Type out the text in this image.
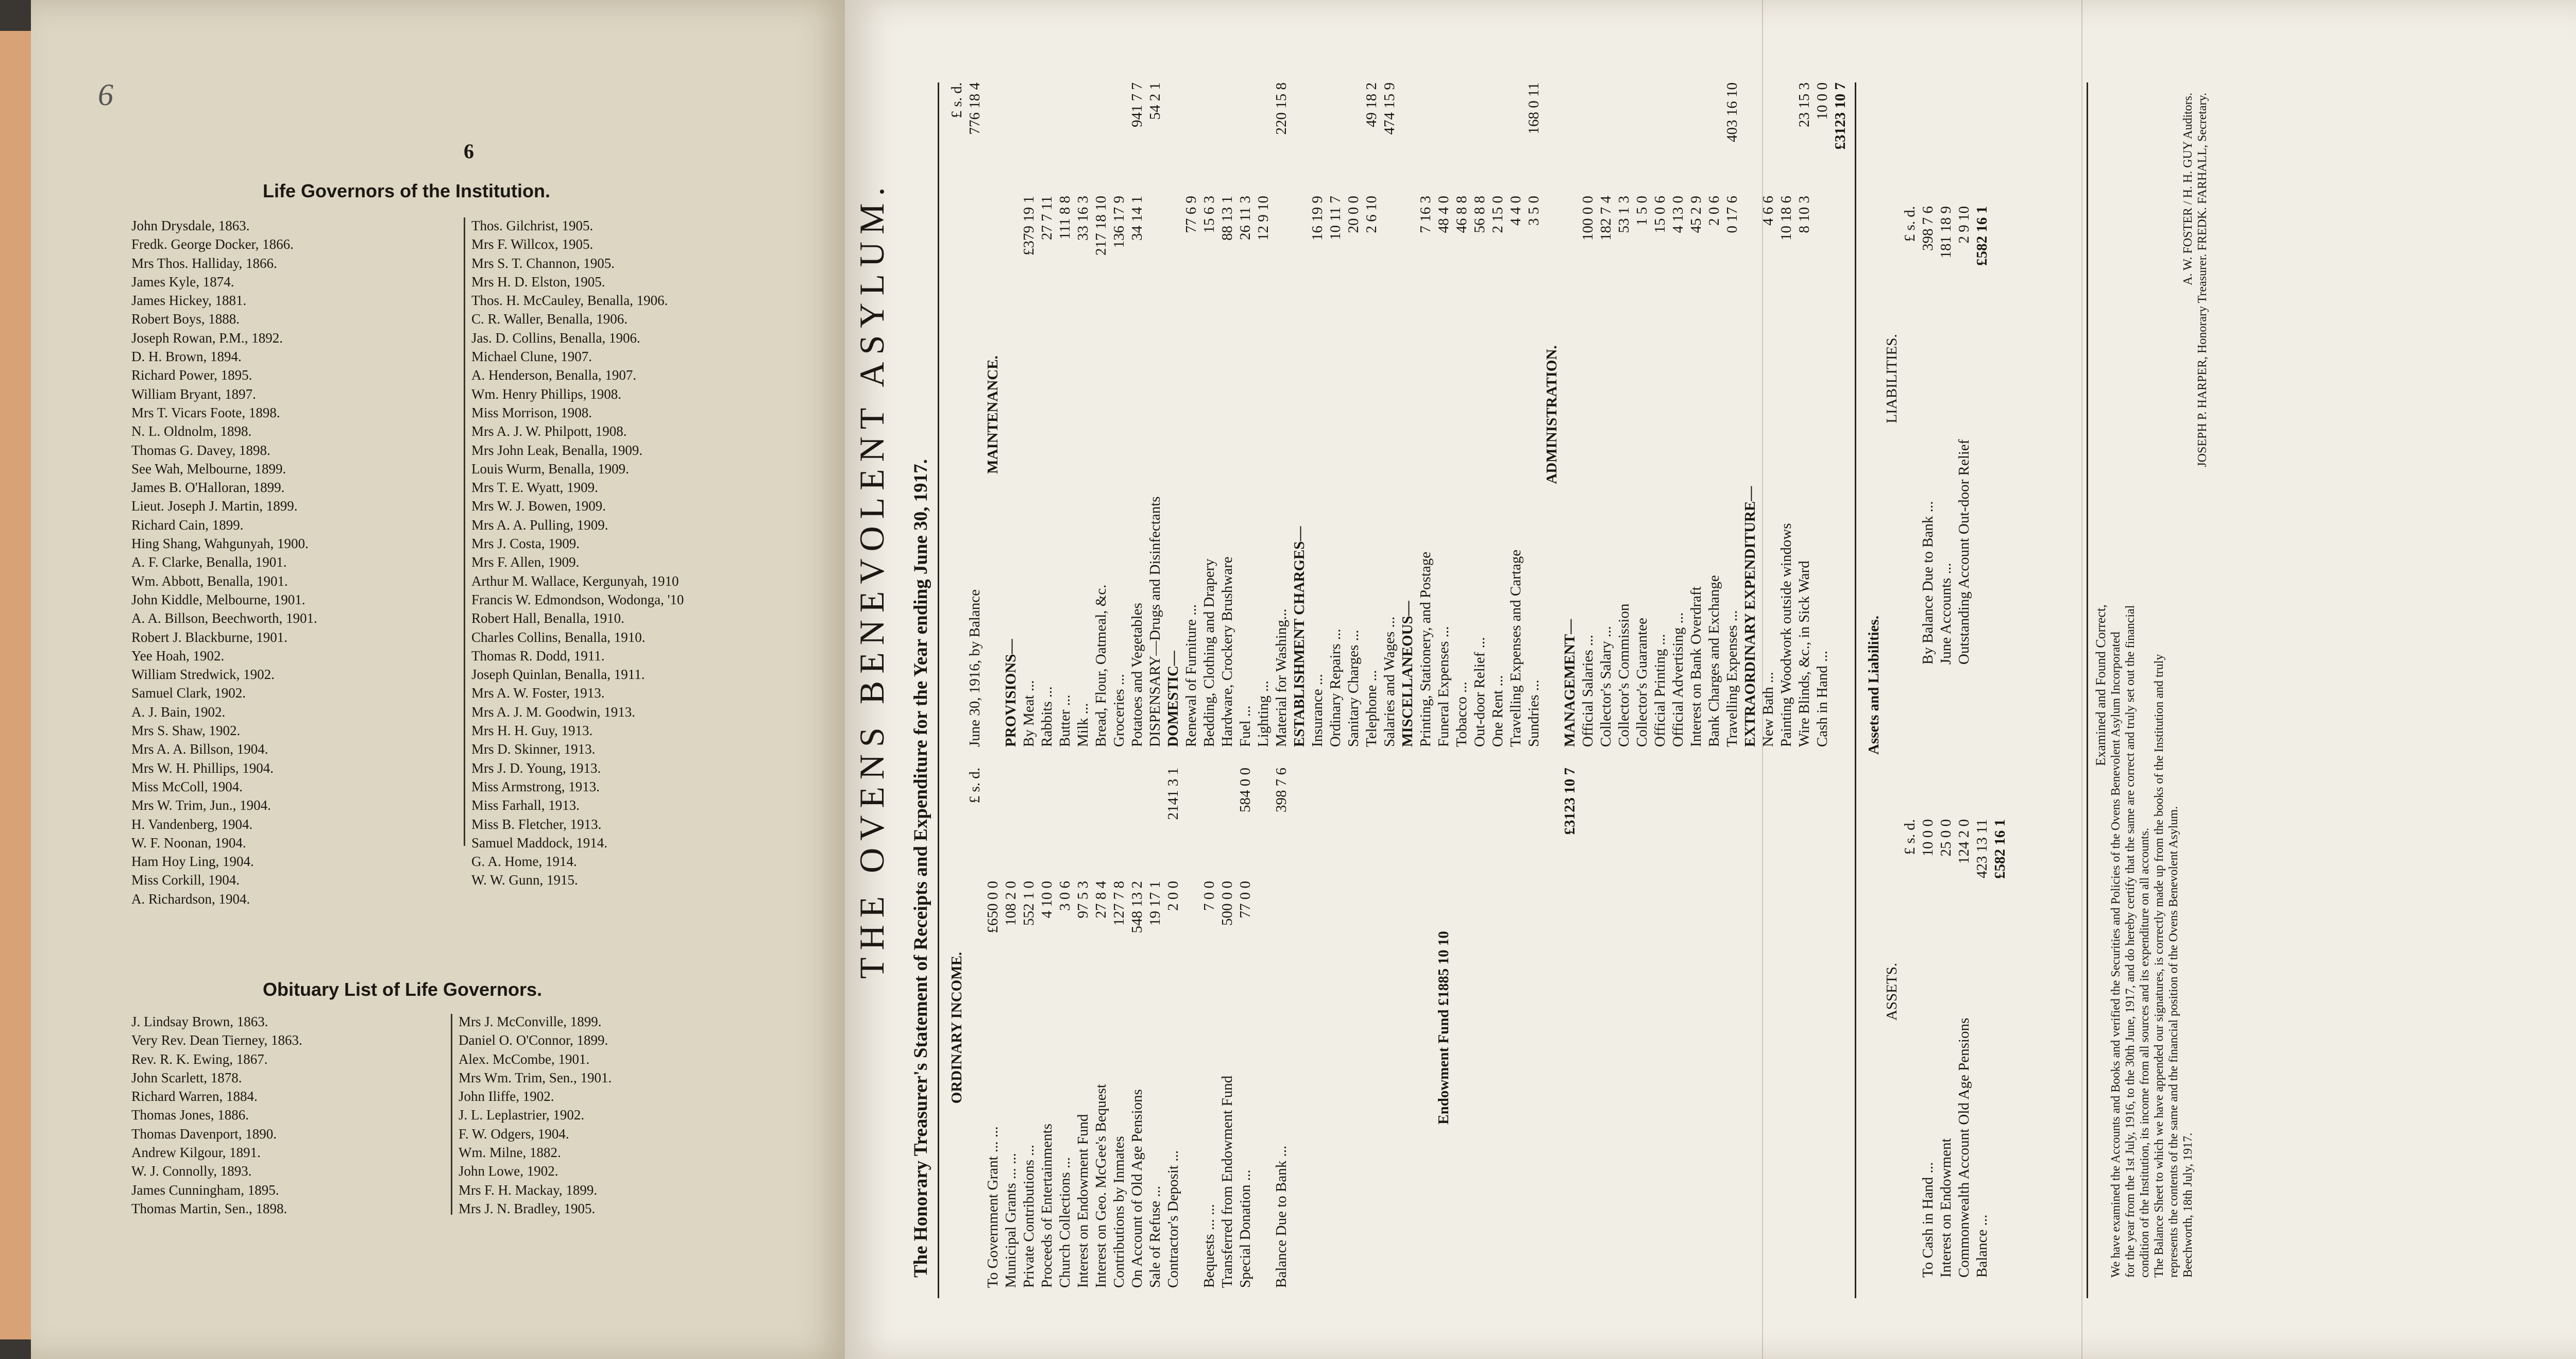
6
6
Life Governors of the Institution.
John Drysdale, 1863.
Fredk. George Docker, 1866.
Mrs Thos. Halliday, 1866.
James Kyle, 1874.
James Hickey, 1881.
Robert Boys, 1888.
Joseph Rowan, P.M., 1892.
D. H. Brown, 1894.
Richard Power, 1895.
William Bryant, 1897.
Mrs T. Vicars Foote, 1898.
N. L. Oldnolm, 1898.
Thomas G. Davey, 1898.
See Wah, Melbourne, 1899.
James B. O'Halloran, 1899.
Lieut. Joseph J. Martin, 1899.
Richard Cain, 1899.
Hing Shang, Wahgunyah, 1900.
A. F. Clarke, Benalla, 1901.
Wm. Abbott, Benalla, 1901.
John Kiddle, Melbourne, 1901.
A. A. Billson, Beechworth, 1901.
Robert J. Blackburne, 1901.
Yee Hoah, 1902.
William Stredwick, 1902.
Samuel Clark, 1902.
A. J. Bain, 1902.
Mrs S. Shaw, 1902.
Mrs A. A. Billson, 1904.
Mrs W. H. Phillips, 1904.
Miss McColl, 1904.
Mrs W. Trim, Jun., 1904.
H. Vandenberg, 1904.
W. F. Noonan, 1904.
Ham Hoy Ling, 1904.
Miss Corkill, 1904.
A. Richardson, 1904.
Thos. Gilchrist, 1905.
Mrs F. Willcox, 1905.
Mrs S. T. Channon, 1905.
Mrs H. D. Elston, 1905.
Thos. H. McCauley, Benalla, 1906.
C. R. Waller, Benalla, 1906.
Jas. D. Collins, Benalla, 1906.
Michael Clune, 1907.
A. Henderson, Benalla, 1907.
Wm. Henry Phillips, 1908.
Miss Morrison, 1908.
Mrs A. J. W. Philpott, 1908.
Mrs John Leak, Benalla, 1909.
Louis Wurm, Benalla, 1909.
Mrs T. E. Wyatt, 1909.
Mrs W. J. Bowen, 1909.
Mrs A. A. Pulling, 1909.
Mrs J. Costa, 1909.
Mrs F. Allen, 1909.
Arthur M. Wallace, Kergunyah, 1910
Francis W. Edmondson, Wodonga, '10
Robert Hall, Benalla, 1910.
Charles Collins, Benalla, 1910.
Thomas R. Dodd, 1911.
Joseph Quinlan, Benalla, 1911.
Mrs A. W. Foster, 1913.
Mrs A. J. M. Goodwin, 1913.
Mrs H. H. Guy, 1913.
Mrs D. Skinner, 1913.
Mrs J. D. Young, 1913.
Miss Armstrong, 1913.
Miss Farhall, 1913.
Miss B. Fletcher, 1913.
Samuel Maddock, 1914.
G. A. Home, 1914.
W. W. Gunn, 1915.
Obituary List of Life Governors.
J. Lindsay Brown, 1863.
Very Rev. Dean Tierney, 1863.
Rev. R. K. Ewing, 1867.
John Scarlett, 1878.
Richard Warren, 1884.
Thomas Jones, 1886.
Thomas Davenport, 1890.
Andrew Kilgour, 1891.
W. J. Connolly, 1893.
James Cunningham, 1895.
Thomas Martin, Sen., 1898.
Mrs J. McConville, 1899.
Daniel O. O'Connor, 1899.
Alex. McCombe, 1901.
Mrs Wm. Trim, Sen., 1901.
John Iliffe, 1902.
J. L. Leplastrier, 1902.
F. W. Odgers, 1904.
Wm. Milne, 1882.
John Lowe, 1902.
Mrs F. H. Mackay, 1899.
Mrs J. N. Bradley, 1905.
THE OVENS BENEVOLENT ASYLUM. The Honorary Treasurer's Statement of Receipts and Expenditure for the Year ending June 30, 1917. ORDINARY INCOME.
£ s. d.
To Government Grant ... ...
£650 0 0
Municipal Grants ... ...
108 2 0
Private Contributions ...
552 1 0
Proceeds of Entertainments
4 10 0
Church Collections ...
3 0 6
Interest on Endowment Fund
97 5 3
Interest on Geo. McGee's Bequest
27 8 4
Contributions by Inmates
127 7 8
On Account of Old Age Pensions
548 13 2
Sale of Refuse ...
19 17 1
Contractor's Deposit ...
2 0 0
2141 3 1
Bequests ... ...
7 0 0
Transferred from Endowment Fund
500 0 0
Special Donation ...
77 0 0
584 0 0
Balance Due to Bank ...
398 7 6
Endowment Fund £1885 10 10
£3123 10 7
£ s. d.
June 30, 1916, by Balance
776 18 4
MAINTENANCE.
PROVISIONS— By Meat ...
£379 19 1
Rabbits ...
27 7 11
Butter ...
111 8 8
Milk ...
33 16 3
Bread, Flour, Oatmeal, &c.
217 18 10
Groceries ...
136 17 9
Potatoes and Vegetables
34 14 1
941 7 7
DISPENSARY—Drugs and Disinfectants
54 2 1
DOMESTIC— Renewal of Furniture ...
77 6 9
Bedding, Clothing and Drapery
15 6 3
Hardware, Crockery Brushware
88 13 1
Fuel ...
26 11 3
Lighting ...
12 9 10
Material for Washing...
220 15 8
ESTABLISHMENT CHARGES— Insurance ...
16 19 9
Ordinary Repairs ...
10 11 7
Sanitary Charges ...
20 0 0
Telephone ...
2 6 10
49 18 2
Salaries and Wages ...
474 15 9
MISCELLANEOUS— Printing, Stationery, and Postage
7 16 3
Funeral Expenses ...
48 4 0
Tobacco ...
46 8 8
Out-door Relief ...
56 8 8
One Rent ...
2 15 0
Travelling Expenses and Cartage
4 4 0
Sundries ...
3 5 0
168 0 11
ADMINISTRATION.
MANAGEMENT— Official Salaries ...
100 0 0
Collector's Salary ...
182 7 4
Collector's Commission
53 1 3
Collector's Guarantee
1 5 0
Official Printing ...
15 0 6
Official Advertising ...
4 13 0
Interest on Bank Overdraft
45 2 9
Bank Charges and Exchange
2 0 6
Travelling Expenses ...
0 17 6
403 16 10
EXTRAORDINARY EXPENDITURE— New Bath ...
4 6 6
Painting Woodwork outside windows
10 18 6
Wire Blinds, &c., in Sick Ward
8 10 3
23 15 3
Cash in Hand ...
10 0 0 £3123 10 7
Assets and Liabilities.
ASSETS.
£ s. d.
To Cash in Hand ...
10 0 0
Interest on Endowment
25 0 0
Commonwealth Account Old Age Pensions
124 2 0
Balance ...
423 13 11 £582 16 1
LIABILITIES.
£ s. d.
By Balance Due to Bank ...
398 7 6
June Accounts ...
181 18 9
Outstanding Account Out-door Relief
2 9 10 £582 16 1
Examined and Found Correct, We have examined the Accounts and Books and verified the Securities and Policies of the Ovens Benevolent Asylum Incorporated for the year from the 1st July, 1916, to the 30th June, 1917, and do hereby certify that the same are correct and truly set out the financial condition of the Institution, its income from all sources and its expenditure on all accounts. The Balance Sheet to which we have appended our signatures, is correctly made up from the books of the Institution and truly represents the contents of the same and the financial position of the Ovens Benevolent Asylum. Beechworth, 18th July, 1917.
A. W. FOSTER / H. H. GUY Auditors.
JOSEPH P. HARPER, Honorary Treasurer. FREDK. FARHALL, Secretary.
